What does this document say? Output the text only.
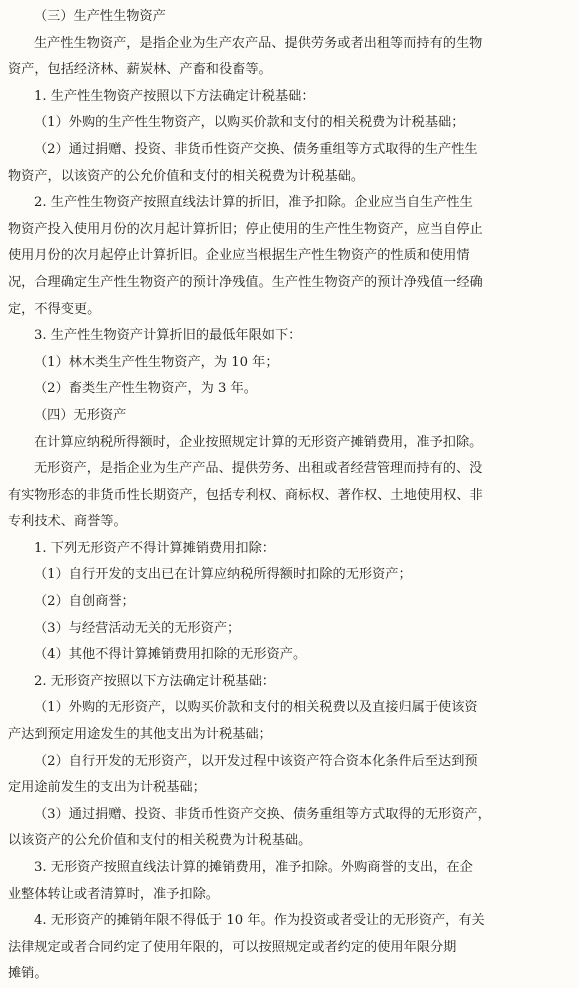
（三）生产性生物资产
生产性生物资产，是指企业为生产农产品、提供劳务或者出租等而持有的生物
资产，包括经济林、薪炭林、产畜和役畜等。
1. 生产性生物资产按照以下方法确定计税基础：
（1）外购的生产性生物资产，以购买价款和支付的相关税费为计税基础；
（2）通过捐赠、投资、非货币性资产交换、债务重组等方式取得的生产性生
物资产，以该资产的公允价值和支付的相关税费为计税基础。
2. 生产性生物资产按照直线法计算的折旧，准予扣除。企业应当自生产性生
物资产投入使用月份的次月起计算折旧；停止使用的生产性生物资产，应当自停止
使用月份的次月起停止计算折旧。企业应当根据生产性生物资产的性质和使用情
况，合理确定生产性生物资产的预计净残值。生产性生物资产的预计净残值一经确
定，不得变更。
3. 生产性生物资产计算折旧的最低年限如下：
（1）林木类生产性生物资产，为 10 年；
（2）畜类生产性生物资产，为 3 年。
（四）无形资产
在计算应纳税所得额时，企业按照规定计算的无形资产摊销费用，准予扣除。
无形资产，是指企业为生产产品、提供劳务、出租或者经营管理而持有的、没
有实物形态的非货币性长期资产，包括专利权、商标权、著作权、土地使用权、非
专利技术、商誉等。
1. 下列无形资产不得计算摊销费用扣除：
（1）自行开发的支出已在计算应纳税所得额时扣除的无形资产；
（2）自创商誉；
（3）与经营活动无关的无形资产；
（4）其他不得计算摊销费用扣除的无形资产。
2. 无形资产按照以下方法确定计税基础：
（1）外购的无形资产，以购买价款和支付的相关税费以及直接归属于使该资
产达到预定用途发生的其他支出为计税基础；
（2）自行开发的无形资产，以开发过程中该资产符合资本化条件后至达到预
定用途前发生的支出为计税基础；
（3）通过捐赠、投资、非货币性资产交换、债务重组等方式取得的无形资产，
以该资产的公允价值和支付的相关税费为计税基础。
3. 无形资产按照直线法计算的摊销费用，准予扣除。外购商誉的支出，在企
业整体转让或者清算时，准予扣除。
4. 无形资产的摊销年限不得低于 10 年。作为投资或者受让的无形资产，有关
法律规定或者合同约定了使用年限的，可以按照规定或者约定的使用年限分期
摊销。
